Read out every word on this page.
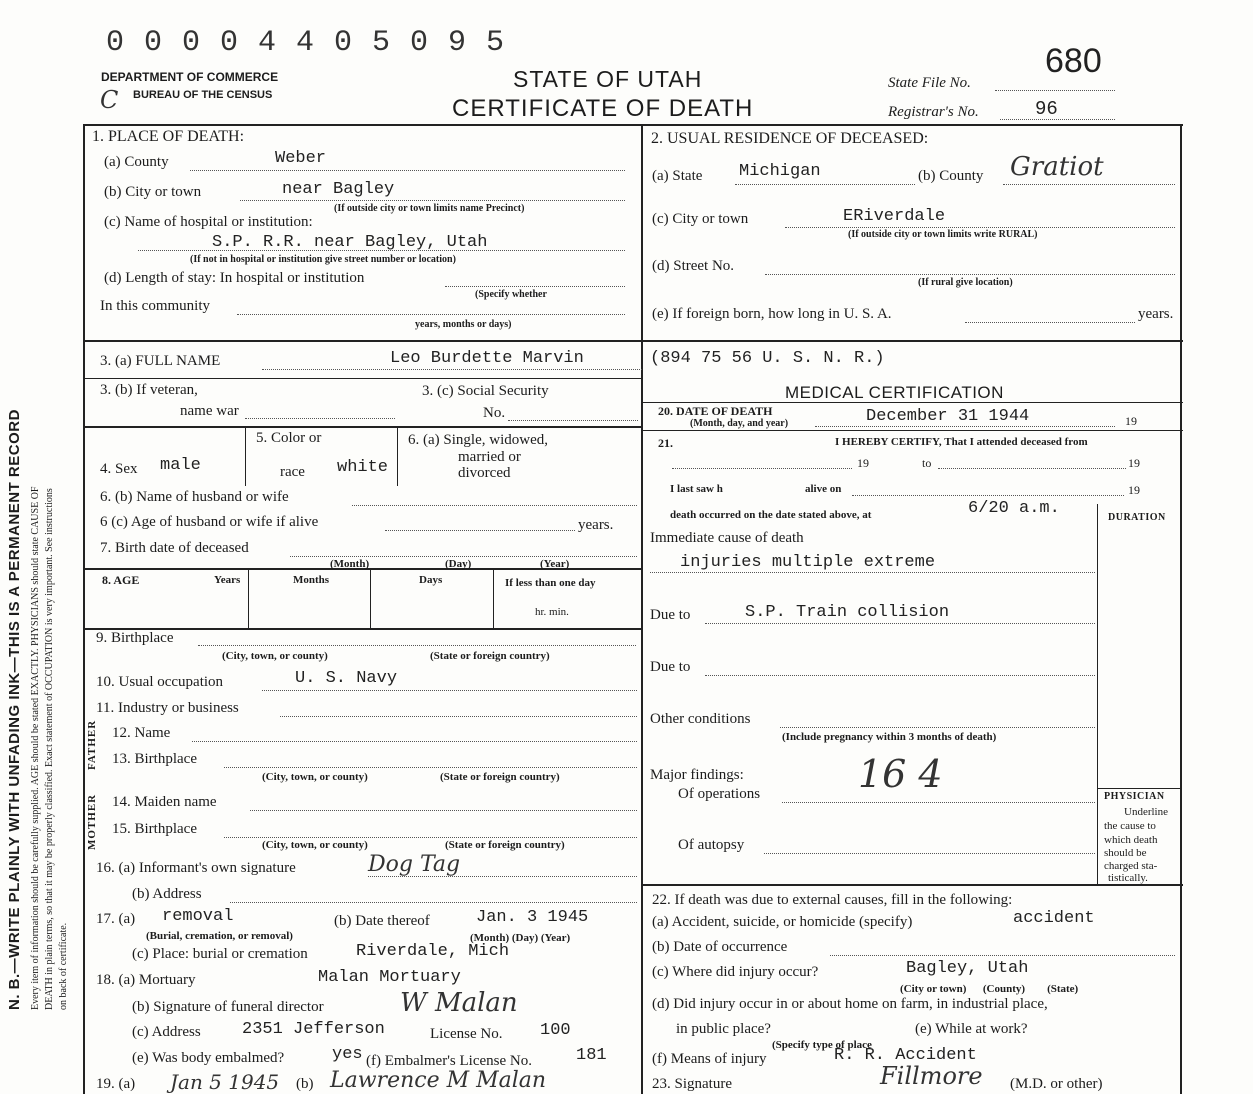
0 0 0 0 4 4 0 5 0 9 5
DEPARTMENT OF COMMERCE
BUREAU OF THE CENSUS
C
STATE OF UTAH
CERTIFICATE OF DEATH
State File No.
680
Registrar's No.	96
N. B.—WRITE PLAINLY WITH UNFADING INK—THIS IS A PERMANENT RECORD Every item of information should be carefully supplied. AGE should be stated EXACTLY. PHYSICIANS should state CAUSE OF DEATH in plain terms, so that it may be properly classified. Exact statement of OCCUPATION is very important. See instructions on back of certificate.
1. PLACE OF DEATH:
(a) County	Weber
(b) City or town	near Bagley
(If outside city or town limits name Precinct)
(c) Name of hospital or institution:
S.P. R.R. near Bagley, Utah
(If not in hospital or institution give street number or location)
(d) Length of stay: In hospital or institution
(Specify whether
In this community
years, months or days)
2. USUAL RESIDENCE OF DECEASED:
(a) State Michigan	(b) County Gratiot
(c) City or town	ERiverdale
(If outside city or town limits write RURAL)
(d) Street No.
(If rural give location)
(e) If foreign born, how long in U. S. A.	years.
3. (a) FULL NAME	Leo Burdette Marvin	(894 75 56 U. S. N. R.)
3. (b) If veteran,
name war
3. (c) Social Security
No.
4. Sex male
5. Color or
race white
6. (a) Single, widowed,
married or
divorced
6. (b) Name of husband or wife
6 (c) Age of husband or wife if alive	years.
7. Birth date of deceased
(Month)	(Day)	(Year)
8. AGE	Years	Months	Days	If less than one day
hr. min.
9. Birthplace
(City, town, or county)	(State or foreign country)
10. Usual occupation	U. S. Navy
11. Industry or business
FATHER
MOTHER
12. Name
13. Birthplace
(City, town, or county)	(State or foreign country)
14. Maiden name
15. Birthplace
(City, town, or county)	(State or foreign country)
16. (a) Informant's own signature	Dog Tag
(b) Address
17. (a) removal
(Burial, cremation, or removal)
(b) Date thereof	Jan. 3 1945
(Month) (Day) (Year)
(c) Place: burial or cremation	Riverdale, Mich
18. (a) Mortuary	Malan Mortuary
(b) Signature of funeral director	W Malan
(c) Address 2351 Jefferson	License No. 100
(e) Was body embalmed?	yes (f) Embalmer's License No.	181
19. (a) Jan 5 1945 (b) Lawrence M Malan
MEDICAL CERTIFICATION
20. DATE OF DEATH
(Month, day, and year)	December 31 1944	19
21.	I HEREBY CERTIFY, That I attended deceased from
19	to	19
I last saw h	alive on	19
death occurred on the date stated above, at	6/20 a.m.	DURATION
Immediate cause of death
injuries multiple extreme
Due to	S.P. Train collision
Due to
Other conditions
(Include pregnancy within 3 months of death)
Major findings:
Of operations	16 4
Of autopsy
PHYSICIAN
Underline
the cause to
which death
should be
charged sta-
tistically.
22. If death was due to external causes, fill in the following:
(a) Accident, suicide, or homicide (specify)	accident
(b) Date of occurrence
(c) Where did injury occur?	Bagley, Utah
(City or town)      (County)        (State)
(d) Did injury occur in or about home on farm, in industrial place,
in public place?	(e) While at work?
(Specify type of place
(f) Means of injury	R. R. Accident
23. Signature	Fillmore (M.D. or other)
